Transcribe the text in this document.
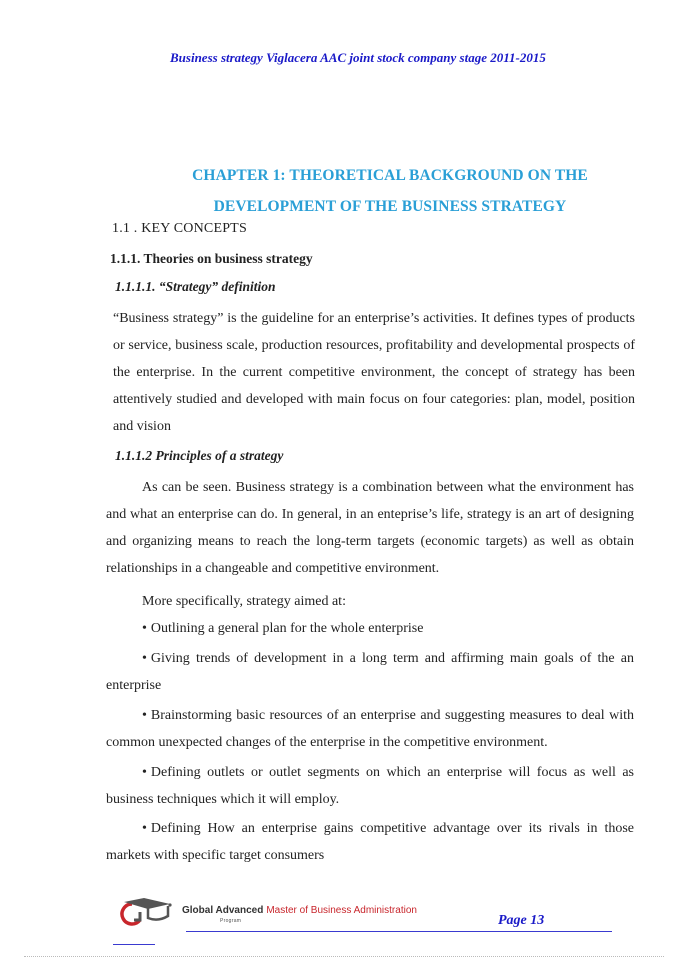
Business strategy Viglacera AAC joint stock company stage 2011-2015
CHAPTER 1: THEORETICAL BACKGROUND ON THE
DEVELOPMENT OF THE BUSINESS STRATEGY
1.1 . KEY CONCEPTS
1.1.1. Theories on business strategy
1.1.1.1. “Strategy” definition
“Business strategy” is the guideline for an enterprise’s activities. It defines types of products or service, business scale, production resources, profitability and developmental prospects of the enterprise. In the current competitive environment, the concept of strategy has been attentively studied and developed with main focus on four categories: plan, model, position and vision
1.1.1.2 Principles of a strategy
As can be seen. Business strategy is a combination between what the environment has and what an enterprise can do. In general, in an enteprise’s life, strategy is an art of designing and organizing means to reach the long-term targets (economic targets) as well as obtain relationships in a changeable and competitive environment.
More specifically, strategy aimed at:
• Outlining a general plan for the whole enterprise
• Giving trends of development in a long term and affirming main goals of the an enterprise
• Brainstorming basic resources of an enterprise and suggesting measures to deal with common unexpected changes of the enterprise in the competitive environment.
• Defining outlets or outlet segments on which an enterprise will focus as well as business techniques which it will employ.
• Defining How an enterprise gains competitive advantage over its rivals in those markets with specific target consumers
Global Advanced Master of Business Administration
Program	Page 13
